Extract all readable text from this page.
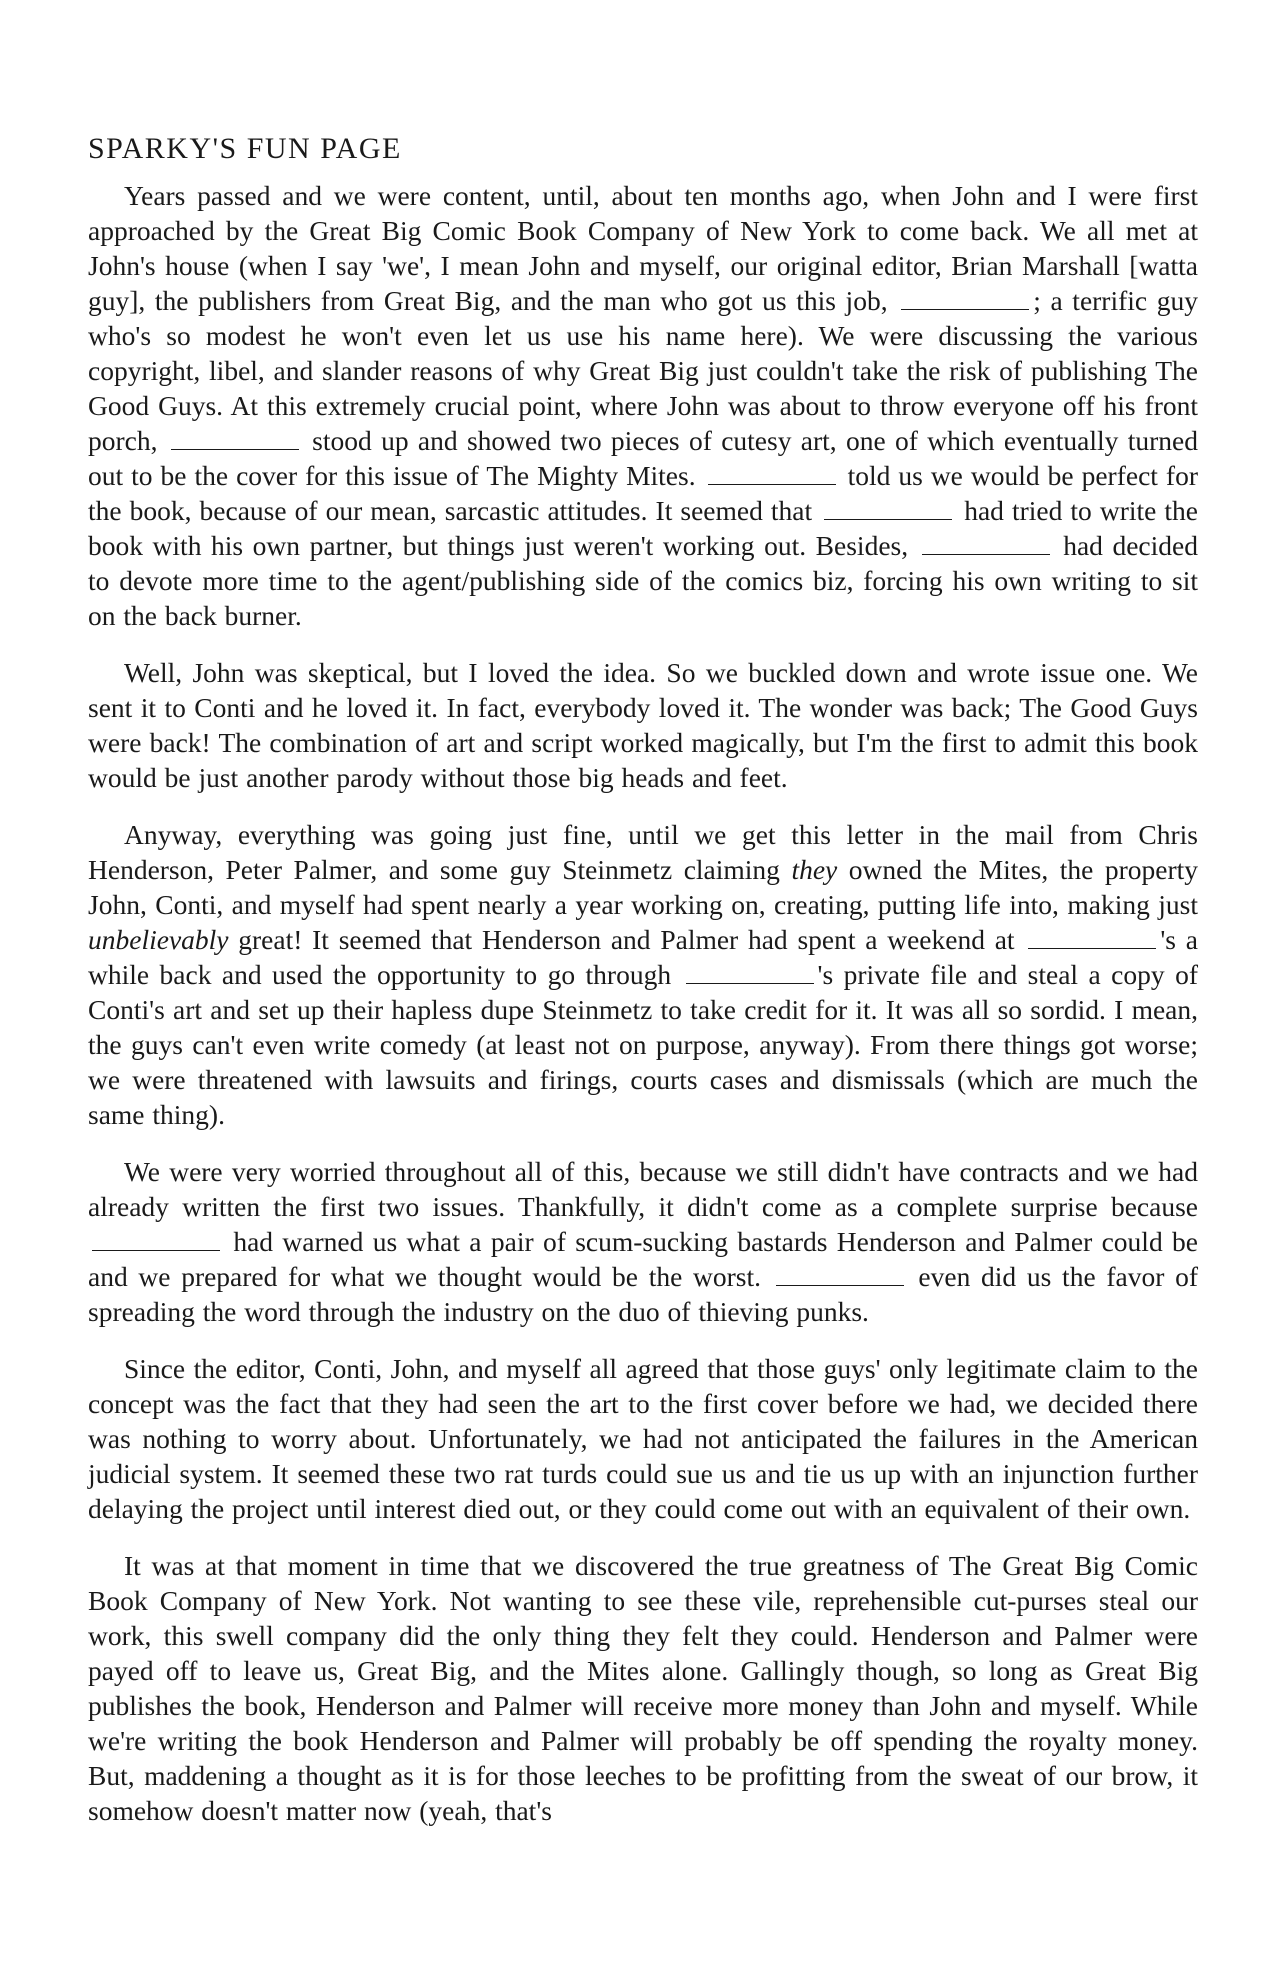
SPARKY'S FUN PAGE

Years passed and we were content, until, about ten months ago, when John and I were first approached by the Great Big Comic Book Company of New York to come back. We all met at John's house (when I say 'we', I mean John and myself, our original editor, Brian Marshall [watta guy], the publishers from Great Big, and the man who got us this job,	; a terrific guy who's so modest he won't even let us use his name here). We were discussing the various copyright, libel, and slander reasons of why Great Big just couldn't take the risk of publishing The Good Guys. At this extremely crucial point, where John was about to throw everyone off his front porch,	stood up and showed two pieces of cutesy art, one of which eventually turned out to be the cover for this issue of The Mighty Mites.	told us we would be perfect for the book, because of our mean, sarcastic attitudes. It seemed that	had tried to write the book with his own partner, but things just weren't working out. Besides,	had decided to devote more time to the agent/publishing side of the comics biz, forcing his own writing to sit on the back burner.

Well, John was skeptical, but I loved the idea. So we buckled down and wrote issue one. We sent it to Conti and he loved it. In fact, everybody loved it. The wonder was back; The Good Guys were back! The combination of art and script worked magically, but I'm the first to admit this book would be just another parody without those big heads and feet.

Anyway, everything was going just fine, until we get this letter in the mail from Chris Henderson, Peter Palmer, and some guy Steinmetz claiming they owned the Mites, the property John, Conti, and myself had spent nearly a year working on, creating, putting life into, making just unbelievably great! It seemed that Henderson and Palmer had spent a weekend at	's a while back and used the opportunity to go through	's private file and steal a copy of Conti's art and set up their hapless dupe Steinmetz to take credit for it. It was all so sordid. I mean, the guys can't even write comedy (at least not on purpose, anyway). From there things got worse; we were threatened with lawsuits and firings, courts cases and dismissals (which are much the same thing).

We were very worried throughout all of this, because we still didn't have contracts and we had already written the first two issues. Thankfully, it didn't come as a complete surprise because  had warned us what a pair of scum-sucking bastards Henderson and Palmer could be and we prepared for what we thought would be the worst.	even did us the favor of spreading the word through the industry on the duo of thieving punks.

Since the editor, Conti, John, and myself all agreed that those guys' only legitimate claim to the concept was the fact that they had seen the art to the first cover before we had, we decided there was nothing to worry about. Unfortunately, we had not anticipated the failures in the American judicial system. It seemed these two rat turds could sue us and tie us up with an injunction further delaying the project until interest died out, or they could come out with an equivalent of their own.

It was at that moment in time that we discovered the true greatness of The Great Big Comic Book Company of New York. Not wanting to see these vile, reprehensible cut-purses steal our work, this swell company did the only thing they felt they could. Henderson and Palmer were payed off to leave us, Great Big, and the Mites alone. Gallingly though, so long as Great Big publishes the book, Henderson and Palmer will receive more money than John and myself. While we're writing the book Henderson and Palmer will probably be off spending the royalty money. But, maddening a thought as it is for those leeches to be profitting from the sweat of our brow, it somehow doesn't matter now (yeah, that's
